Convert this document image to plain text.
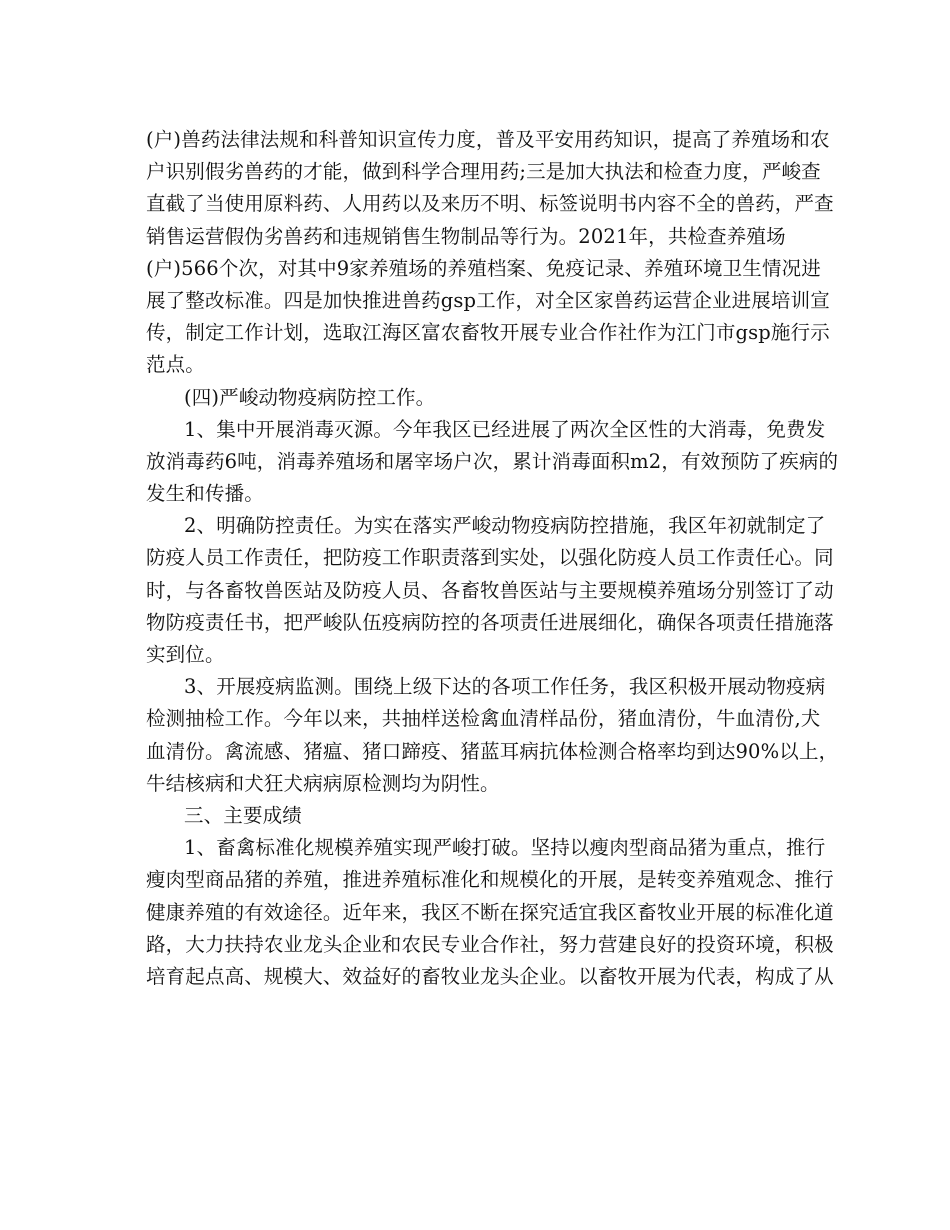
(户)兽药法律法规和科普知识宣传力度，普及平安用药知识，提高了养殖场和农
户识别假劣兽药的才能，做到科学合理用药;三是加大执法和检查力度，严峻查
直截了当使用原料药、人用药以及来历不明、标签说明书内容不全的兽药，严查
销售运营假伪劣兽药和违规销售生物制品等行为。2021年，共检查养殖场
(户)566个次，对其中9家养殖场的养殖档案、免疫记录、养殖环境卫生情况进
展了整改标准。四是加快推进兽药gsp工作，对全区家兽药运营企业进展培训宣
传，制定工作计划，选取江海区富农畜牧开展专业合作社作为江门市gsp施行示
范点。
(四)严峻动物疫病防控工作。
1、集中开展消毒灭源。今年我区已经进展了两次全区性的大消毒，免费发
放消毒药6吨，消毒养殖场和屠宰场户次，累计消毒面积m2，有效预防了疾病的
发生和传播。
2、明确防控责任。为实在落实严峻动物疫病防控措施，我区年初就制定了
防疫人员工作责任，把防疫工作职责落到实处，以强化防疫人员工作责任心。同
时，与各畜牧兽医站及防疫人员、各畜牧兽医站与主要规模养殖场分别签订了动
物防疫责任书，把严峻队伍疫病防控的各项责任进展细化，确保各项责任措施落
实到位。
3、开展疫病监测。围绕上级下达的各项工作任务，我区积极开展动物疫病
检测抽检工作。今年以来，共抽样送检禽血清样品份，猪血清份，牛血清份,犬
血清份。禽流感、猪瘟、猪口蹄疫、猪蓝耳病抗体检测合格率均到达90%以上，
牛结核病和犬狂犬病病原检测均为阴性。
三、主要成绩
1、畜禽标准化规模养殖实现严峻打破。坚持以瘦肉型商品猪为重点，推行
瘦肉型商品猪的养殖，推进养殖标准化和规模化的开展，是转变养殖观念、推行
健康养殖的有效途径。近年来，我区不断在探究适宜我区畜牧业开展的标准化道
路，大力扶持农业龙头企业和农民专业合作社，努力营建良好的投资环境，积极
培育起点高、规模大、效益好的畜牧业龙头企业。以畜牧开展为代表，构成了从
